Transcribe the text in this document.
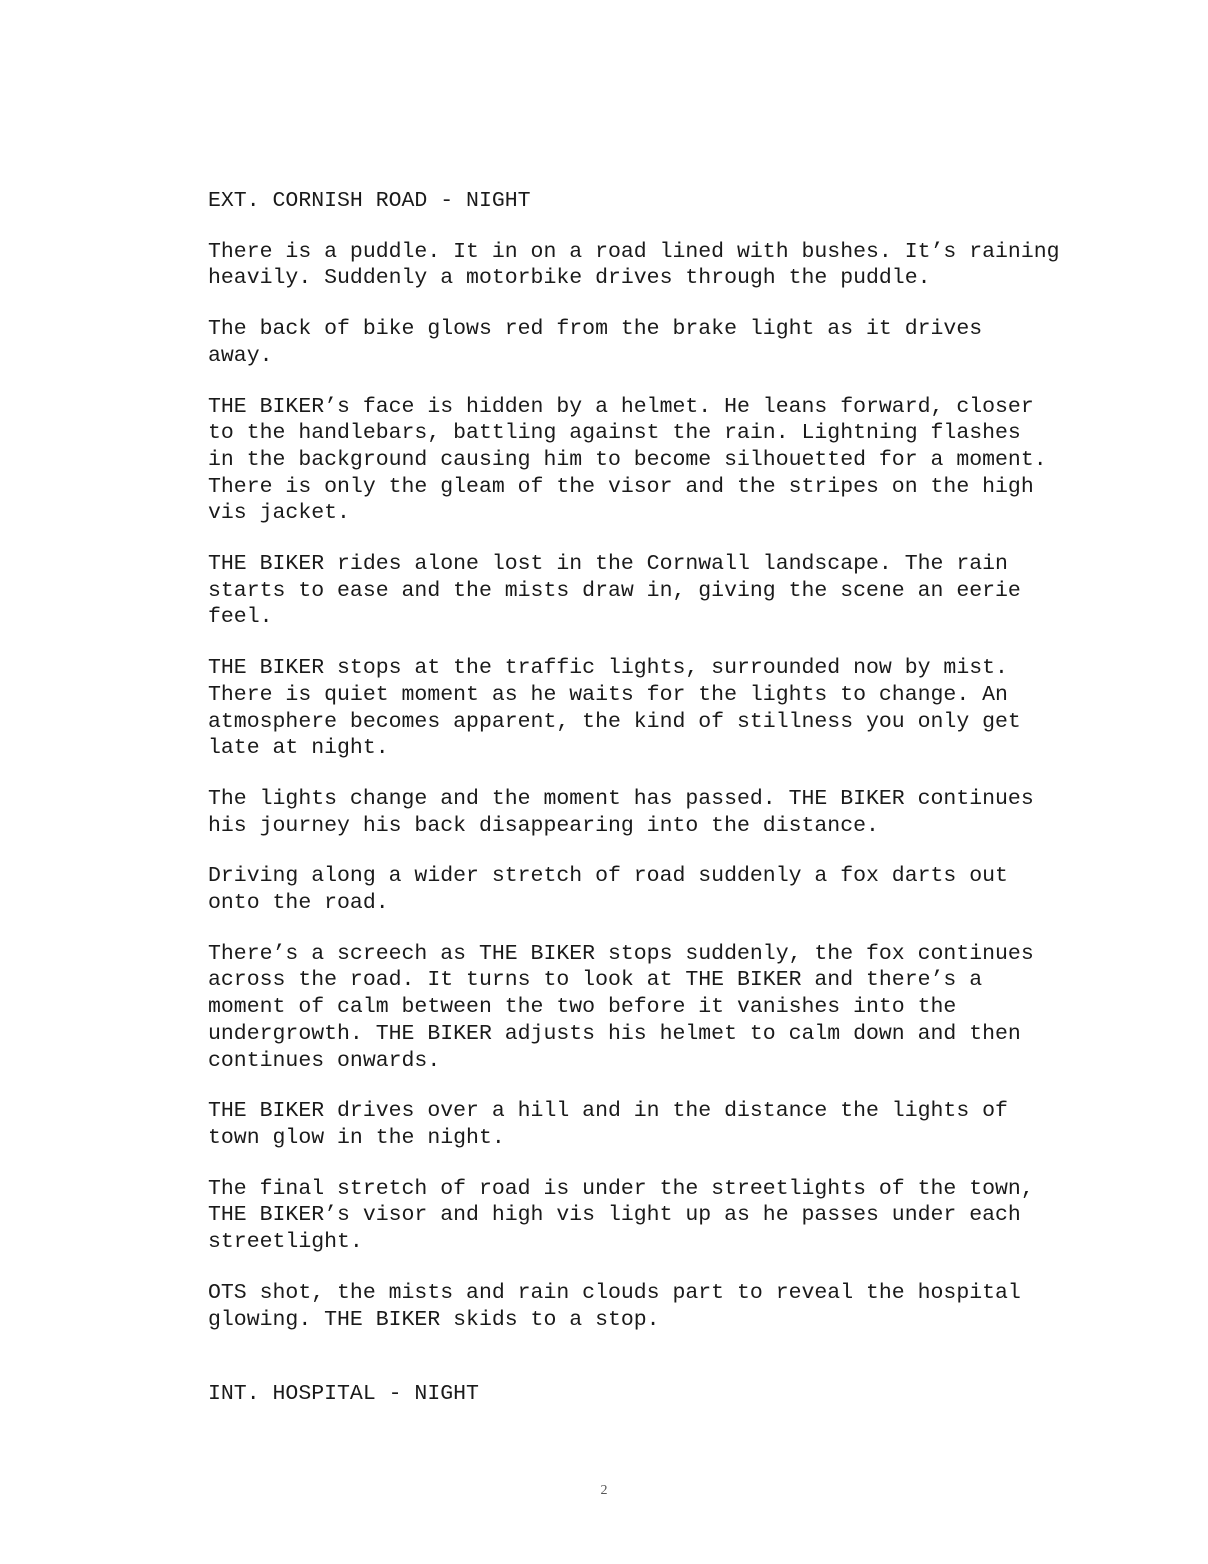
EXT. CORNISH ROAD - NIGHT

There is a puddle. It in on a road lined with bushes. It’s raining
heavily. Suddenly a motorbike drives through the puddle.

The back of bike glows red from the brake light as it drives
away.

THE BIKER’s face is hidden by a helmet. He leans forward, closer
to the handlebars, battling against the rain. Lightning flashes
in the background causing him to become silhouetted for a moment.
There is only the gleam of the visor and the stripes on the high
vis jacket.

THE BIKER rides alone lost in the Cornwall landscape. The rain
starts to ease and the mists draw in, giving the scene an eerie
feel.

THE BIKER stops at the traffic lights, surrounded now by mist.
There is quiet moment as he waits for the lights to change. An
atmosphere becomes apparent, the kind of stillness you only get
late at night.

The lights change and the moment has passed. THE BIKER continues
his journey his back disappearing into the distance.

Driving along a wider stretch of road suddenly a fox darts out
onto the road.

There’s a screech as THE BIKER stops suddenly, the fox continues
across the road. It turns to look at THE BIKER and there’s a
moment of calm between the two before it vanishes into the
undergrowth. THE BIKER adjusts his helmet to calm down and then
continues onwards.

THE BIKER drives over a hill and in the distance the lights of
town glow in the night.

The final stretch of road is under the streetlights of the town,
THE BIKER’s visor and high vis light up as he passes under each
streetlight.

OTS shot, the mists and rain clouds part to reveal the hospital
glowing. THE BIKER skids to a stop.

INT. HOSPITAL - NIGHT

2
